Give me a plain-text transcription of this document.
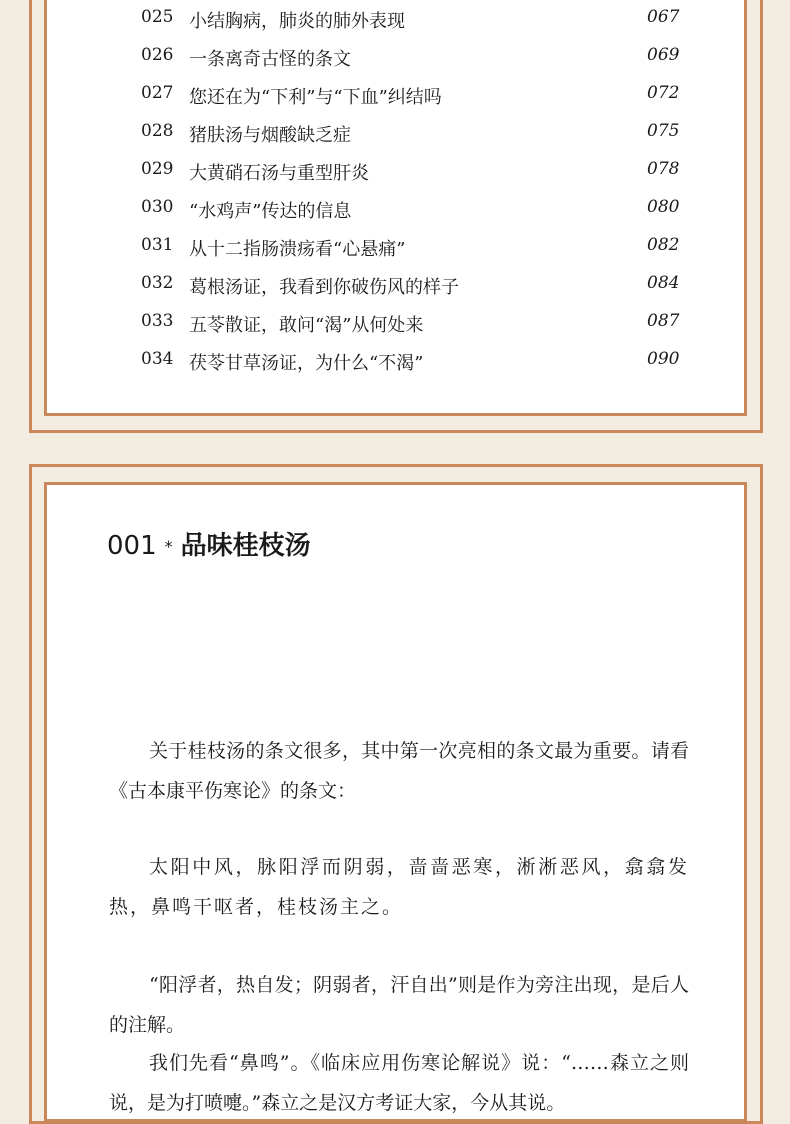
025 小结胸病，肺炎的肺外表现	067
026 一条离奇古怪的条文	069
027 您还在为“下利”与“下血”纠结吗	072
028 猪肤汤与烟酸缺乏症	075
029 大黄硝石汤与重型肝炎	078
030 “水鸡声”传达的信息	080
031 从十二指肠溃疡看“心悬痛”	082
032 葛根汤证，我看到你破伤风的样子	084
033 五苓散证，敢问“渴”从何处来	087
034 茯苓甘草汤证，为什么“不渴”	090
001 * 品味桂枝汤
关于桂枝汤的条文很多，其中第一次亮相的条文最为重要。请看《古本康平伤寒论》的条文：
太阳中风，脉阳浮而阴弱，啬啬恶寒，淅淅恶风，翕翕发热，鼻鸣干呕者，桂枝汤主之。
“阳浮者，热自发；阴弱者，汗自出”则是作为旁注出现，是后人的注解。
我们先看“鼻鸣”。《临床应用伤寒论解说》说：“……森立之则说，是为打喷嚏。”森立之是汉方考证大家，今从其说。
